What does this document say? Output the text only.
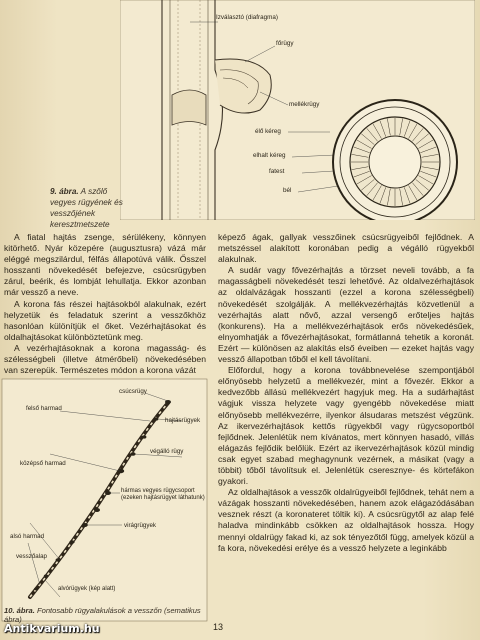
Izválasztó (diafragma)
főrügy
mellékrügy
élő kéreg
elhalt kéreg
fatest
bél
9. ábra. A szőlő vegyes rügyének és vesszőjének keresztmetszete

A fiatal hajtás zsenge, sérülékeny, könnyen kitörhető. Nyár közepére (augusztusra) vázá már eléggé megszilárdul, félfás állapotúvá válik. Ősszel hosszanti növekedését befejezve, csúcsrügyben zárul, beérik, és lombját lehullatja. Ekkor azonban már vessző a neve.

A korona fás részei hajtásokból alakulnak, ezért helyzetük és feladatuk szerint a vesszőkhöz hasonlóan különítjük el őket. Vezérhajtásokat és oldalhajtásokat különböztetünk meg.

A vezérhajtásoknak a korona magasság- és szélességbeli (illetve átmérőbeli) növekedésében van szerepük. Természetes módon a korona vázát

képező ágak, gallyak vesszőinek csúcsrügyeiből fejlődnek. A metszéssel alakított koronában pedig a végálló rügyekből alakulnak.

A sudár vagy fővezérhajtás a törzset neveli tovább, a fa magasságbeli növekedését teszi lehetővé. Az oldalvezérhajtások az oldalvázágak hosszanti (ezzel a korona szélességbeli) növekedését szolgálják. A mellékvezérhajtás közvetlenül a vezérhajtás alatt nővő, azzal versengő erőteljes hajtás (konkurens). Ha a mellékvezérhajtások erős növekedésűek, elnyomhatják a fővezérhajtásokat, formátlanná tehetik a koronát. Ezért — különösen az alakítás első éveiben — ezeket hajtás vagy vessző állapotban tőből el kell távolítani.

Előfordul, hogy a korona továbbnevelése szempontjából előnyösebb helyzetű a mellékvezér, mint a fővezér. Ekkor a kedvezőbb állású mellékvezért hagyjuk meg. Ha a sudárhajtást vágjuk vissza helyzete vagy gyengébb növekedése miatt előnyösebb mellékvezérre, ilyenkor álsudaras metszést végzünk. Az ikervezérhajtások kettős rügyekből vagy rügycsoportból fejlődnek. Jelenlétük nem kívánatos, mert könnyen hasadó, villás elágazás fejlődik belőlük. Ezért az ikervezérhajtások közül mindig csak egyet szabad meghagynunk vezérnek, a másikat (vagy a többit) tőből távolítsuk el. Jelenlétük cseresznye- és körtefákon gyakori.

Az oldalhajtások a vesszők oldalrügyeiből fejlődnek, tehát nem a vázágak hosszanti növekedésében, hanem azok elágazódásában vesznek részt (a koronateret töltik ki). A csúcsrügytől az alap felé haladva mindinkább csökken az oldalhajtások hossza. Hogy mennyi oldalrügy fakad ki, az sok tényezőtől függ, amelyek közül a fa kora, növekedési erélye és a vessző helyzete a leginkább

csúcsrügy
felső harmad
hajtásrügyek
végálló rügy
középső harmad
hármas vegyes rügycsoport (ezeken hajtásrügyet láthatunk)
virágrügyek
alsó harmad
vesszőalap
alvórügyek (kép alatt)
10. ábra. Fontosabb rügyalakulások a vesszőn (sematikus ábra)
13
Antikvarium.hu
